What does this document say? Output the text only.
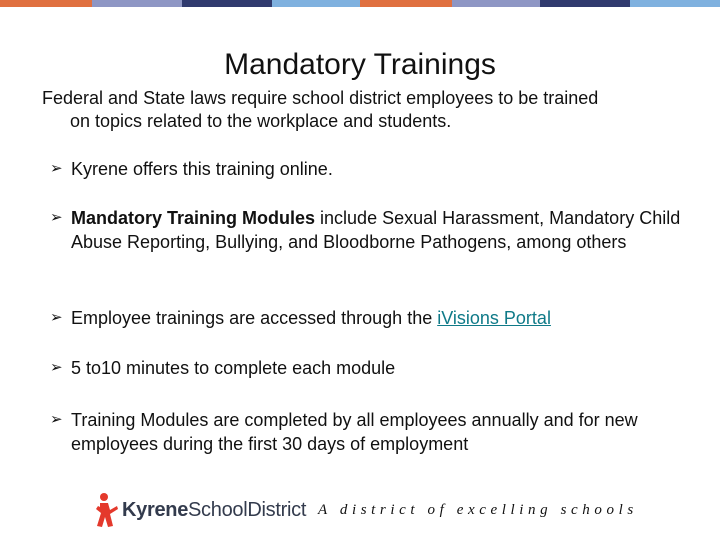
Mandatory Trainings

Federal and State laws require school district employees to be trained
on topics related to the workplace and students.

➢ Kyrene offers this training online.
➢ Mandatory Training Modules include Sexual Harassment, Mandatory Child Abuse Reporting, Bullying, and Bloodborne Pathogens, among others
➢ Employee trainings are accessed through the iVisions Portal
➢ 5 to10 minutes to complete each module
➢ Training Modules are completed by all employees annually and for new employees during the first 30 days of employment
KyreneSchoolDistrict A district of excelling schools
